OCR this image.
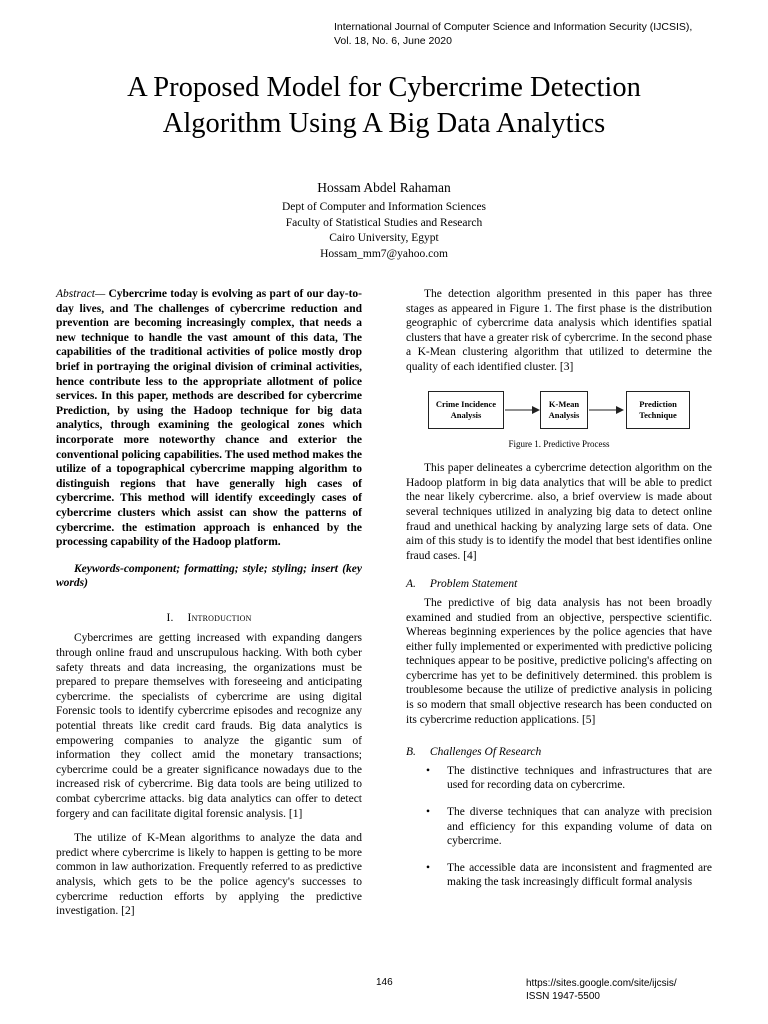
International Journal of Computer Science and Information Security (IJCSIS),
Vol. 18, No. 6, June 2020
A Proposed Model for Cybercrime Detection
Algorithm Using A Big Data Analytics
Hossam Abdel Rahaman
Dept of Computer and Information Sciences
Faculty of Statistical Studies and Research
Cairo University, Egypt
Hossam_mm7@yahoo.com

Abstract— Cybercrime today is evolving as part of our day-to-day lives, and The challenges of cybercrime reduction and prevention are becoming increasingly complex, that needs a new technique to handle the vast amount of this data, The capabilities of the traditional activities of police mostly drop brief in portraying the original division of criminal activities, hence contribute less to the appropriate allotment of police services. In this paper, methods are described for cybercrime Prediction, by using the Hadoop technique for big data analytics, through examining the geological zones which incorporate more noteworthy chance and exterior the conventional policing capabilities. The used method makes the utilize of a topographical cybercrime mapping algorithm to distinguish regions that have generally high cases of cybercrime. This method will identify exceedingly cases of cybercrime clusters which assist can show the patterns of cybercrime. the estimation approach is enhanced by the processing capability of the Hadoop platform.

Keywords-component; formatting; style; styling; insert (key words)

I. Introduction

Cybercrimes are getting increased with expanding dangers through online fraud and unscrupulous hacking. With both cyber safety threats and data increasing, the organizations must be prepared to prepare themselves with foreseeing and anticipating cybercrime. the specialists of cybercrime are using digital Forensic tools to identify cybercrime episodes and recognize any potential threats like credit card frauds. Big data analytics is empowering companies to analyze the gigantic sum of information they collect amid the monetary transactions; cybercrime could be a greater significance nowadays due to the increased risk of cybercrime. Big data tools are being utilized to combat cybercrime attacks. big data analytics can offer to detect forgery and can facilitate digital forensic analysis. [1]

The utilize of K-Mean algorithms to analyze the data and predict where cybercrime is likely to happen is getting to be more common in law authorization. Frequently referred to as predictive analysis, which gets to be the police agency's successes to cybercrime reduction efforts by applying the predictive investigation. [2]

The detection algorithm presented in this paper has three stages as appeared in Figure 1. The first phase is the distribution geographic of cybercrime data analysis which identifies spatial clusters that have a greater risk of cybercrime. In the second phase a K-Mean clustering algorithm that utilized to determine the quality of each identified cluster. [3]

Crime Incidence Analysis
K-Mean Analysis
Prediction Technique
Figure 1. Predictive Process

This paper delineates a cybercrime detection algorithm on the Hadoop platform in big data analytics that will be able to predict the near likely cybercrime. also, a brief overview is made about several techniques utilized in analyzing big data to detect online fraud and unethical hacking by analyzing large sets of data. One aim of this study is to identify the model that best identifies online fraud cases. [4]

A. Problem Statement

The predictive of big data analysis has not been broadly examined and studied from an objective, perspective scientific. Whereas beginning experiences by the police agencies that have either fully implemented or experimented with predictive policing techniques appear to be positive, predictive policing's affecting on cybercrime has yet to be definitively determined. this problem is troublesome because the utilize of predictive analysis in policing is so modern that small objective research has been conducted on its cybercrime reduction applications. [5]

B. Challenges Of Research
• The distinctive techniques and infrastructures that are used for recording data on cybercrime.
• The diverse techniques that can analyze with precision and efficiency for this expanding volume of data on cybercrime.
• The accessible data are inconsistent and fragmented are making the task increasingly difficult formal analysis
146	https://sites.google.com/site/ijcsis/
ISSN 1947-5500
